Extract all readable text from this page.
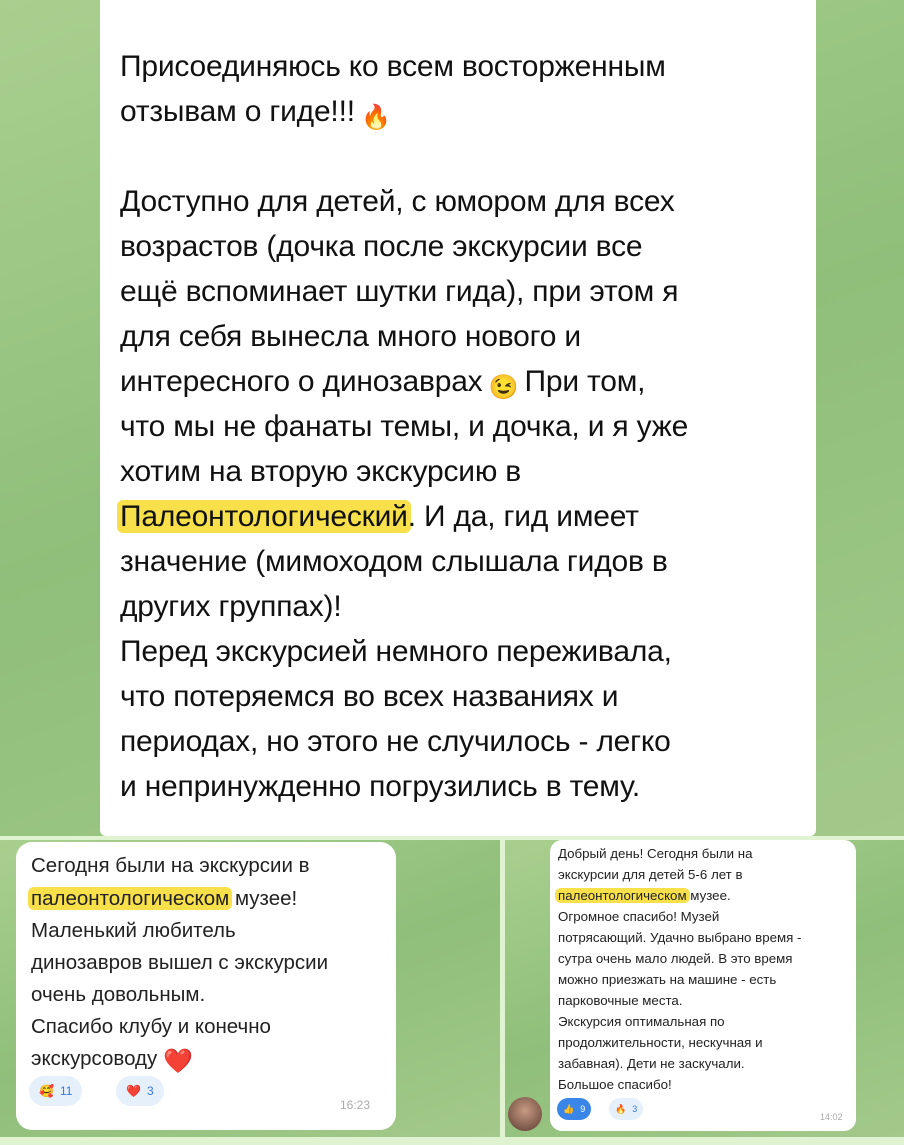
Присоединяюсь ко всем восторженным
отзывам о гиде!!! 🔥
Доступно для детей, с юмором для всех
возрастов (дочка после экскурсии все
ещё вспоминает шутки гида), при этом я
для себя вынесла много нового и
интересного о динозаврах 😉 При том,
что мы не фанаты темы, и дочка, и я уже
хотим на вторую экскурсию в
Палеонтологический. И да, гид имеет
значение (мимоходом слышала гидов в
других группах)!
Перед экскурсией немного переживала,
что потеряемся во всех названиях и
периодах, но этого не случилось - легко
и непринужденно погрузились в тему.
Сегодня были на экскурсии в
палеонтологическом музее!
Маленький любитель
динозавров вышел с экскурсии
очень довольным.
Спасибо клубу и конечно
экскурсоводу ❤️
🥰 11	❤️ 3
16:23
Добрый день! Сегодня были на
экскурсии для детей 5-6 лет в
палеонтологическом музее.
Огромное спасибо! Музей
потрясающий. Удачно выбрано время -
сутра очень мало людей. В это время
можно приезжать на машине - есть
парковочные места.
Экскурсия оптимальная по
продолжительности, нескучная и
забавная). Дети не заскучали.
Большое спасибо!
👍 9	🔥 3
14:02
